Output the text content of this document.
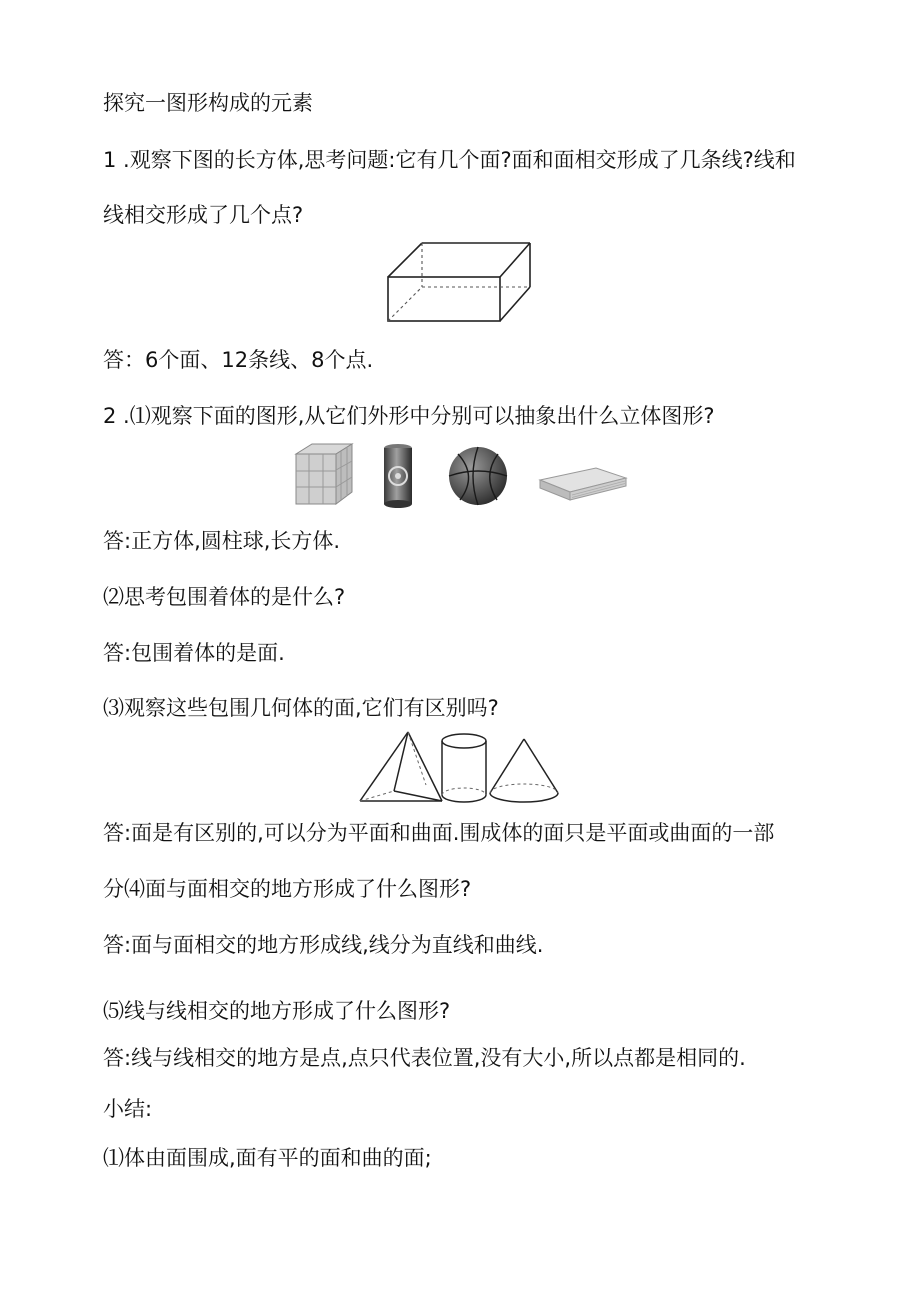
探究一图形构成的元素
1 .观察下图的长方体,思考问题:它有几个面?面和面相交形成了几条线?线和
线相交形成了几个点?
答：6个面、12条线、8个点.
2 .⑴观察下面的图形,从它们外形中分别可以抽象出什么立体图形?
答:正方体,圆柱球,长方体.
⑵思考包围着体的是什么?
答:包围着体的是面.
⑶观察这些包围几何体的面,它们有区别吗?
答:面是有区别的,可以分为平面和曲面.围成体的面只是平面或曲面的一部
分⑷面与面相交的地方形成了什么图形?
答:面与面相交的地方形成线,线分为直线和曲线.
⑸线与线相交的地方形成了什么图形?
答:线与线相交的地方是点,点只代表位置,没有大小,所以点都是相同的.
小结:
⑴体由面围成,面有平的面和曲的面;
